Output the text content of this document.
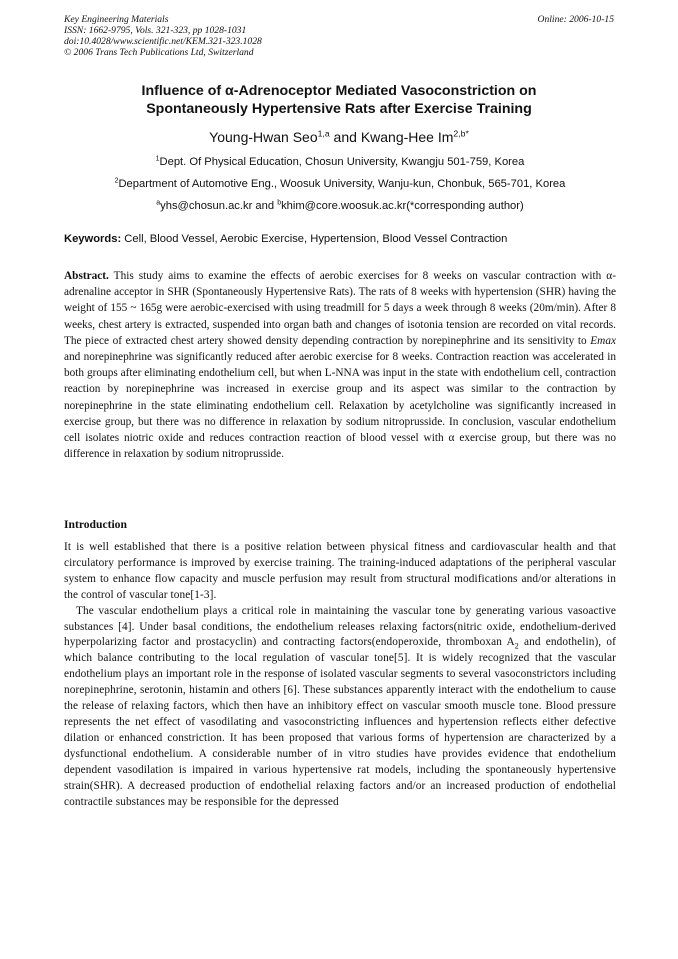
Key Engineering Materials
ISSN: 1662-9795, Vols. 321-323, pp 1028-1031
doi:10.4028/www.scientific.net/KEM.321-323.1028
© 2006 Trans Tech Publications Ltd, Switzerland
Online: 2006-10-15
Influence of α-Adrenoceptor Mediated Vasoconstriction on
Spontaneously Hypertensive Rats after Exercise Training
Young-Hwan Seo$^{1,a}$ and Kwang-Hee $Im^{2,b*}$
$^1$Dept. Of Physical Education, Chosun University, Kwangju 501-759, Korea
$^2$Department of Automotive Eng., Woosuk University, Wanju-kun, Chonbuk, 565-701, Korea
$^a$yhs@chosun.ac.kr and $^b$khim@core.woosuk.ac.kr(*corresponding author)
Keywords: Cell, Blood Vessel, Aerobic Exercise, Hypertension, Blood Vessel Contraction
Abstract. This study aims to examine the effects of aerobic exercises for 8 weeks on vascular contraction with α-adrenaline acceptor in SHR (Spontaneously Hypertensive Rats). The rats of 8 weeks with hypertension (SHR) having the weight of 155 ~ 165g were aerobic-exercised with using treadmill for 5 days a week through 8 weeks (20m/min). After 8 weeks, chest artery is extracted, suspended into organ bath and changes of isotonia tension are recorded on vital records. The piece of extracted chest artery showed density depending contraction by norepinephrine and its sensitivity to Emax and norepinephrine was significantly reduced after aerobic exercise for 8 weeks. Contraction reaction was accelerated in both groups after eliminating endothelium cell, but when L-NNA was input in the state with endothelium cell, contraction reaction by norepinephrine was increased in exercise group and its aspect was similar to the contraction by norepinephrine in the state eliminating endothelium cell. Relaxation by acetylcholine was significantly increased in exercise group, but there was no difference in relaxation by sodium nitroprusside. In conclusion, vascular endothelium cell isolates niotric oxide and reduces contraction reaction of blood vessel with α exercise group, but there was no difference in relaxation by sodium nitroprusside.
Introduction

It is well established that there is a positive relation between physical fitness and cardiovascular health and that circulatory performance is improved by exercise training. The training-induced adaptations of the peripheral vascular system to enhance flow capacity and muscle perfusion may result from structural modifications and/or alterations in the control of vascular tone[1-3].

The vascular endothelium plays a critical role in maintaining the vascular tone by generating various vasoactive substances [4]. Under basal conditions, the endothelium releases relaxing factors(nitric oxide, endothelium-derived hyperpolarizing factor and prostacyclin) and contracting factors(endoperoxide, thromboxan $A_2$ and endothelin), of which balance contributing to the local regulation of vascular tone[5]. It is widely recognized that the vascular endothelium plays an important role in the response of isolated vascular segments to several vasoconstrictors including norepinephrine, serotonin, histamin and others [6]. These substances apparently interact with the endothelium to cause the release of relaxing factors, which then have an inhibitory effect on vascular smooth muscle tone. Blood pressure represents the net effect of vasodilating and vasoconstricting influences and hypertension reflects either defective dilation or enhanced constriction. It has been proposed that various forms of hypertension are characterized by a dysfunctional endothelium. A considerable number of in vitro studies have provides evidence that endothelium dependent vasodilation is impaired in various hypertensive rat models, including the spontaneously hypertensive strain(SHR). A decreased production of endothelial relaxing factors and/or an increased production of endothelial contractile substances may be responsible for the depressed
